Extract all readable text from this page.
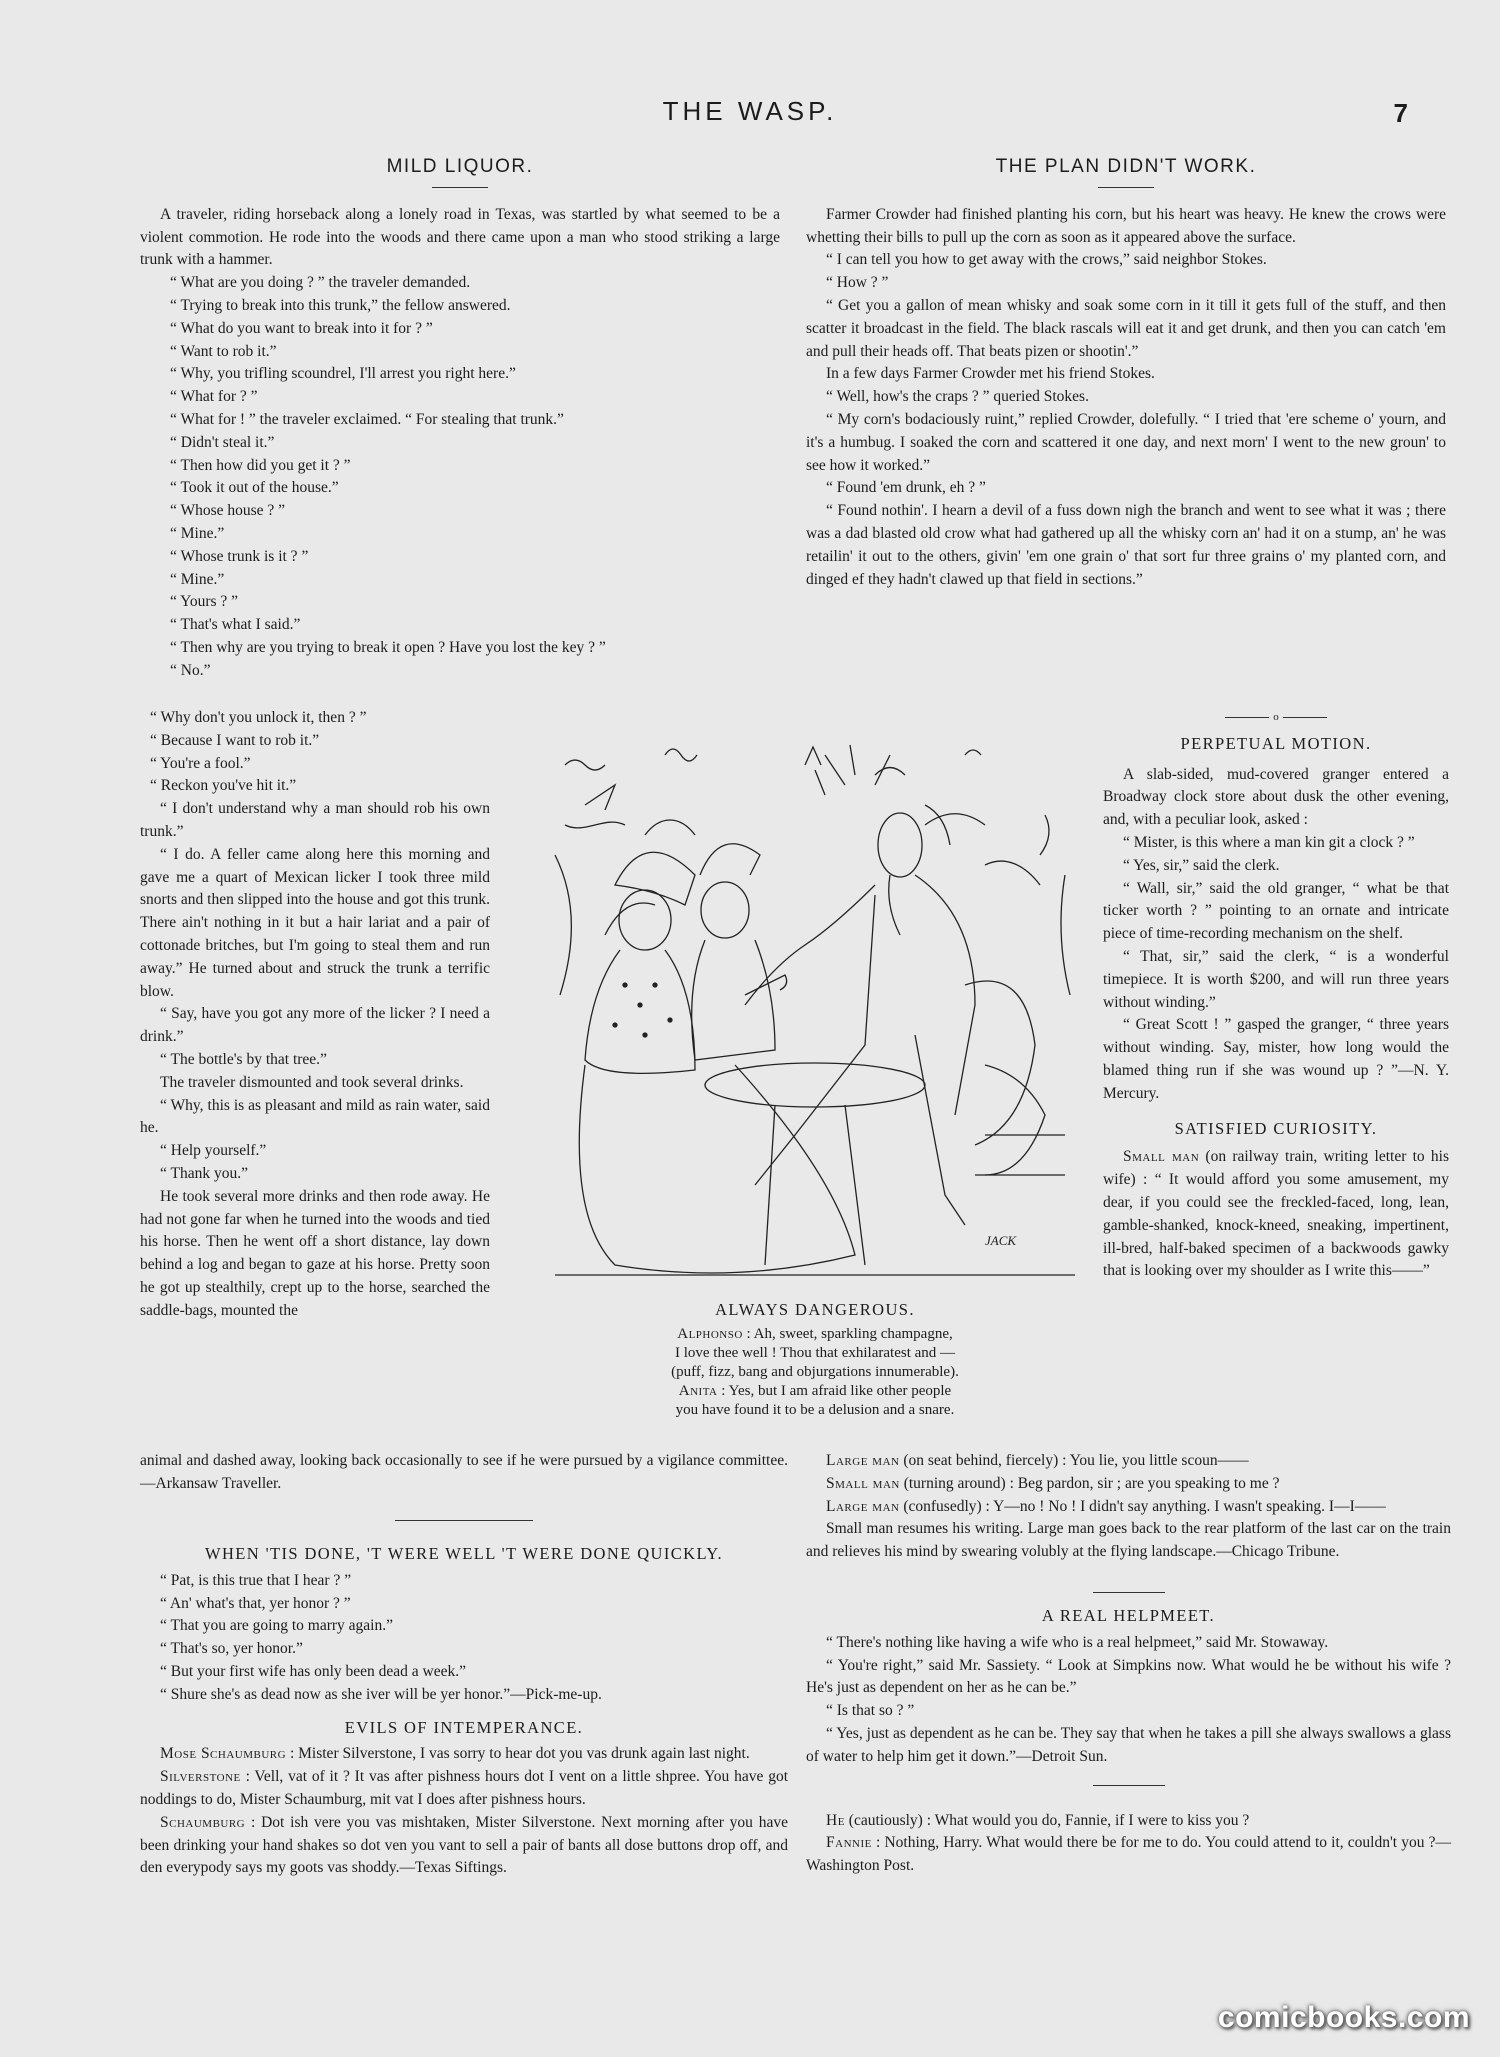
THE WASP.	7
MILD LIQUOR.

A traveler, riding horseback along a lonely road in Texas, was startled by what seemed to be a violent commotion. He rode into the woods and there came upon a man who stood striking a large trunk with a hammer.

“ What are you doing ? ” the traveler demanded.

“ Trying to break into this trunk,” the fellow answered.

“ What do you want to break into it for ? ”

“ Want to rob it.”

“ Why, you trifling scoundrel, I'll arrest you right here.”

“ What for ? ”

“ What for ! ” the traveler exclaimed. “ For stealing that trunk.”

“ Didn't steal it.”

“ Then how did you get it ? ”

“ Took it out of the house.”

“ Whose house ? ”

“ Mine.”

“ Whose trunk is it ? ”

“ Mine.”

“ Yours ? ”

“ That's what I said.”

“ Then why are you trying to break it open ? Have you lost the key ? ”

“ No.”

“ Why don't you unlock it, then ? ”

“ Because I want to rob it.”

“ You're a fool.”

“ Reckon you've hit it.”

“ I don't understand why a man should rob his own trunk.”

“ I do. A feller came along here this morning and gave me a quart of Mexican licker I took three mild snorts and then slipped into the house and got this trunk. There ain't nothing in it but a hair lariat and a pair of cottonade britches, but I'm going to steal them and run away.” He turned about and struck the trunk a terrific blow.

“ Say, have you got any more of the licker ? I need a drink.”

“ The bottle's by that tree.”

The traveler dismounted and took several drinks.

“ Why, this is as pleasant and mild as rain water, said he.

“ Help yourself.”

“ Thank you.”

He took several more drinks and then rode away. He had not gone far when he turned into the woods and tied his horse. Then he went off a short distance, lay down behind a log and began to gaze at his horse. Pretty soon he got up stealthily, crept up to the horse, searched the saddle-bags, mounted the

animal and dashed away, looking back occasionally to see if he were pursued by a vigilance committee.—Arkansaw Traveller.

THE PLAN DIDN'T WORK.

Farmer Crowder had finished planting his corn, but his heart was heavy. He knew the crows were whetting their bills to pull up the corn as soon as it appeared above the surface.

“ I can tell you how to get away with the crows,” said neighbor Stokes.

“ How ? ”

“ Get you a gallon of mean whisky and soak some corn in it till it gets full of the stuff, and then scatter it broadcast in the field. The black rascals will eat it and get drunk, and then you can catch 'em and pull their heads off. That beats pizen or shootin'.”

In a few days Farmer Crowder met his friend Stokes.

“ Well, how's the craps ? ” queried Stokes.

“ My corn's bodaciously ruint,” replied Crowder, dolefully. “ I tried that 'ere scheme o' yourn, and it's a humbug. I soaked the corn and scattered it one day, and next morn' I went to the new groun' to see how it worked.”

“ Found 'em drunk, eh ? ”

“ Found nothin'. I hearn a devil of a fuss down nigh the branch and went to see what it was ; there was a dad blasted old crow what had gathered up all the whisky corn an' had it on a stump, an' he was retailin' it out to the others, givin' 'em one grain o' that sort fur three grains o' my planted corn, and dinged ef they hadn't clawed up that field in sections.”

o
PERPETUAL MOTION.

A slab-sided, mud-covered granger entered a Broadway clock store about dusk the other evening, and, with a peculiar look, asked :

“ Mister, is this where a man kin git a clock ? ”

“ Yes, sir,” said the clerk.

“ Wall, sir,” said the old granger, “ what be that ticker worth ? ” pointing to an ornate and intricate piece of time-recording mechanism on the shelf.

“ That, sir,” said the clerk, “ is a wonderful timepiece. It is worth $200, and will run three years without winding.”

“ Great Scott ! ” gasped the granger, “ three years without winding. Say, mister, how long would the blamed thing run if she was wound up ? ”—N. Y. Mercury.

SATISFIED CURIOSITY.

Small man (on railway train, writing letter to his wife) : “ It would afford you some amusement, my dear, if you could see the freckled-faced, long, lean, gamble-shanked, knock-kneed, sneaking, impertinent, ill-bred, half-baked specimen of a backwoods gawky that is looking over my shoulder as I write this——”

Large man (on seat behind, fiercely) : You lie, you little scoun——

Small man (turning around) : Beg pardon, sir ; are you speaking to me ?

Large man (confusedly) : Y—no ! No ! I didn't say anything. I wasn't speaking. I—I——

Small man resumes his writing. Large man goes back to the rear platform of the last car on the train and relieves his mind by swearing volubly at the flying landscape.—Chicago Tribune.

A REAL HELPMEET.

“ There's nothing like having a wife who is a real helpmeet,” said Mr. Stowaway.

“ You're right,” said Mr. Sassiety. “ Look at Simpkins now. What would he be without his wife ? He's just as dependent on her as he can be.”

“ Is that so ? ”

“ Yes, just as dependent as he can be. They say that when he takes a pill she always swallows a glass of water to help him get it down.”—Detroit Sun.

He (cautiously) : What would you do, Fannie, if I were to kiss you ?

Fannie : Nothing, Harry. What would there be for me to do. You could attend to it, couldn't you ?—Washington Post.

WHEN 'TIS DONE, 'T WERE WELL 'T WERE DONE QUICKLY.

“ Pat, is this true that I hear ? ”

“ An' what's that, yer honor ? ”

“ That you are going to marry again.”

“ That's so, yer honor.”

“ But your first wife has only been dead a week.”

“ Shure she's as dead now as she iver will be yer honor.”—Pick-me-up.

EVILS OF INTEMPERANCE.

Mose Schaumburg : Mister Silverstone, I vas sorry to hear dot you vas drunk again last night.

Silverstone : Vell, vat of it ? It vas after pishness hours dot I vent on a little shpree. You have got noddings to do, Mister Schaumburg, mit vat I does after pishness hours.

Schaumburg : Dot ish vere you vas mishtaken, Mister Silverstone. Next morning after you have been drinking your hand shakes so dot ven you vant to sell a pair of bants all dose buttons drop off, and den everypody says my goots vas shoddy.—Texas Siftings.

JACK
ALWAYS DANGEROUS.
Alphonso : Ah, sweet, sparkling champagne,
I love thee well ! Thou that exhilaratest and —
(puff, fizz, bang and objurgations innumerable).
Anita : Yes, but I am afraid like other people
you have found it to be a delusion and a snare.
comicbooks.com
